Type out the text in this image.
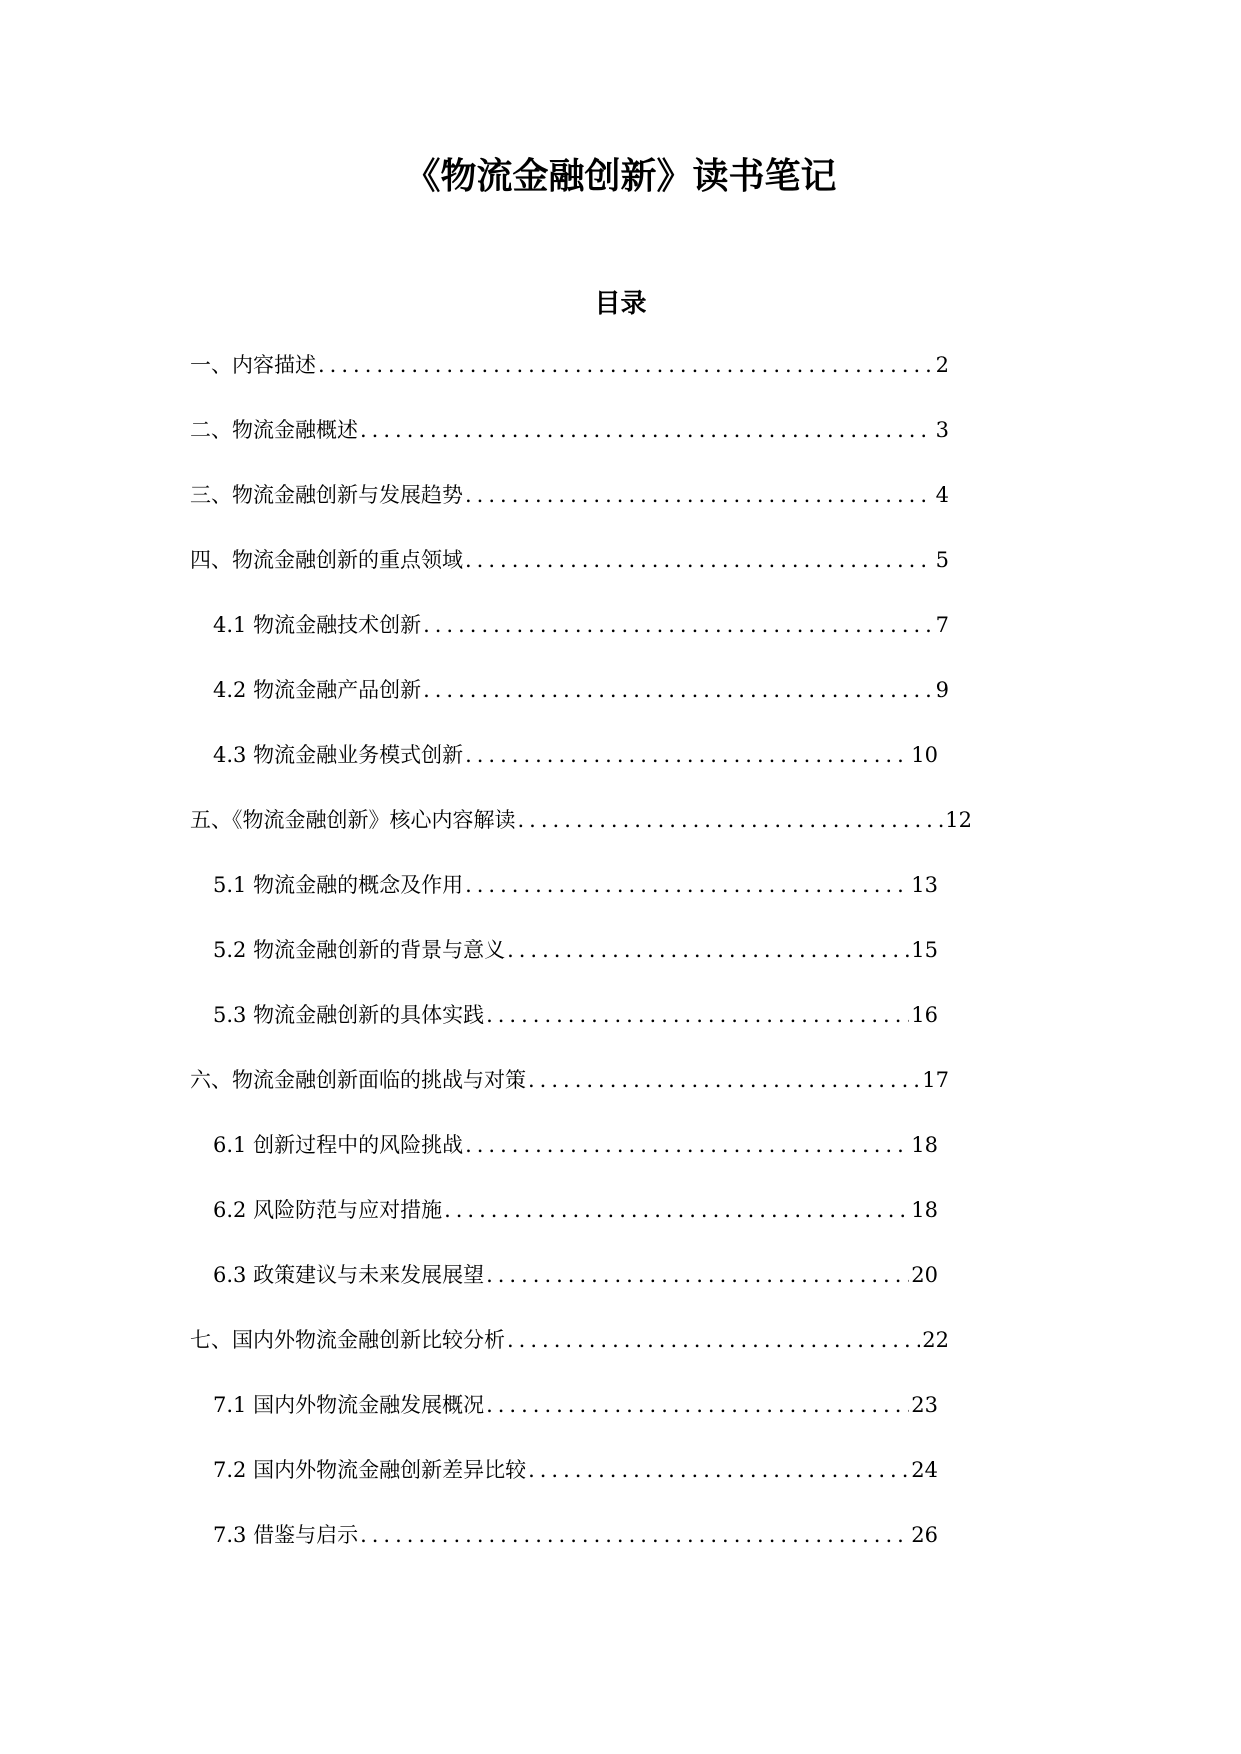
《物流金融创新》读书笔记
目录
一、内容描述 .....	2
二、物流金融概述 .....	3
三、物流金融创新与发展趋势 .....	4
四、物流金融创新的重点领域 .....	5
4.1 物流金融技术创新 .....	7
4.2 物流金融产品创新 .....	9
4.3 物流金融业务模式创新 .....	10
五、《物流金融创新》核心内容解读 .....	12
5.1 物流金融的概念及作用 .....	13
5.2 物流金融创新的背景与意义 .....	15
5.3 物流金融创新的具体实践 .....	16
六、物流金融创新面临的挑战与对策 .....	17
6.1 创新过程中的风险挑战 .....	18
6.2 风险防范与应对措施 .....	18
6.3 政策建议与未来发展展望 .....	20
七、国内外物流金融创新比较分析 .....	22
7.1 国内外物流金融发展概况 .....	23
7.2 国内外物流金融创新差异比较 .....	24
7.3 借鉴与启示 .....	26
